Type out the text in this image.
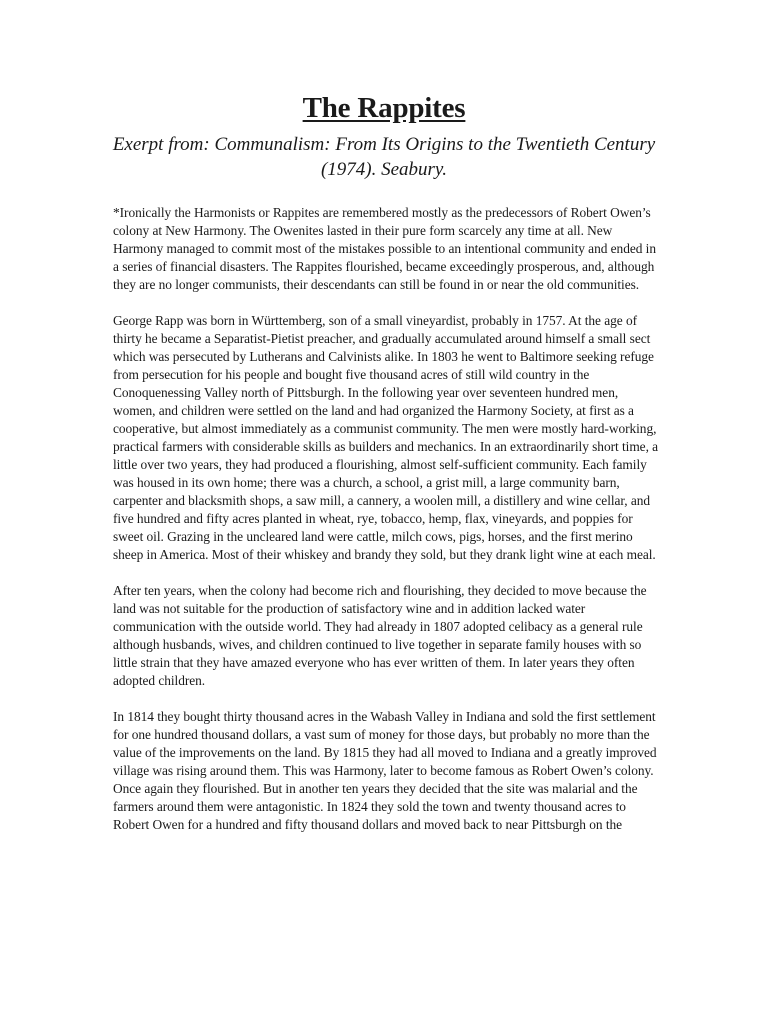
The Rappites
Exerpt from: Communalism: From Its Origins to the Twentieth Century (1974). Seabury.

*Ironically the Harmonists or Rappites are remembered mostly as the predecessors of Robert Owen’s colony at New Harmony. The Owenites lasted in their pure form scarcely any time at all. New Harmony managed to commit most of the mistakes possible to an intentional community and ended in a series of financial disasters. The Rappites flourished, became exceedingly prosperous, and, although they are no longer communists, their descendants can still be found in or near the old communities.

George Rapp was born in Württemberg, son of a small vineyardist, probably in 1757. At the age of thirty he became a Separatist-Pietist preacher, and gradually accumulated around himself a small sect which was persecuted by Lutherans and Calvinists alike. In 1803 he went to Baltimore seeking refuge from persecution for his people and bought five thousand acres of still wild country in the Conoquenessing Valley north of Pittsburgh. In the following year over seventeen hundred men, women, and children were settled on the land and had organized the Harmony Society, at first as a cooperative, but almost immediately as a communist community. The men were mostly hard-working, practical farmers with considerable skills as builders and mechanics. In an extraordinarily short time, a little over two years, they had produced a flourishing, almost self-sufficient community. Each family was housed in its own home; there was a church, a school, a grist mill, a large community barn, carpenter and blacksmith shops, a saw mill, a cannery, a woolen mill, a distillery and wine cellar, and five hundred and fifty acres planted in wheat, rye, tobacco, hemp, flax, vineyards, and poppies for sweet oil. Grazing in the uncleared land were cattle, milch cows, pigs, horses, and the first merino sheep in America. Most of their whiskey and brandy they sold, but they drank light wine at each meal.

After ten years, when the colony had become rich and flourishing, they decided to move because the land was not suitable for the production of satisfactory wine and in addition lacked water communication with the outside world. They had already in 1807 adopted celibacy as a general rule although husbands, wives, and children continued to live together in separate family houses with so little strain that they have amazed everyone who has ever written of them. In later years they often adopted children.

In 1814 they bought thirty thousand acres in the Wabash Valley in Indiana and sold the first settlement for one hundred thousand dollars, a vast sum of money for those days, but probably no more than the value of the improvements on the land. By 1815 they had all moved to Indiana and a greatly improved village was rising around them. This was Harmony, later to become famous as Robert Owen’s colony. Once again they flourished. But in another ten years they decided that the site was malarial and the farmers around them were antagonistic. In 1824 they sold the town and twenty thousand acres to Robert Owen for a hundred and fifty thousand dollars and moved back to near Pittsburgh on the
